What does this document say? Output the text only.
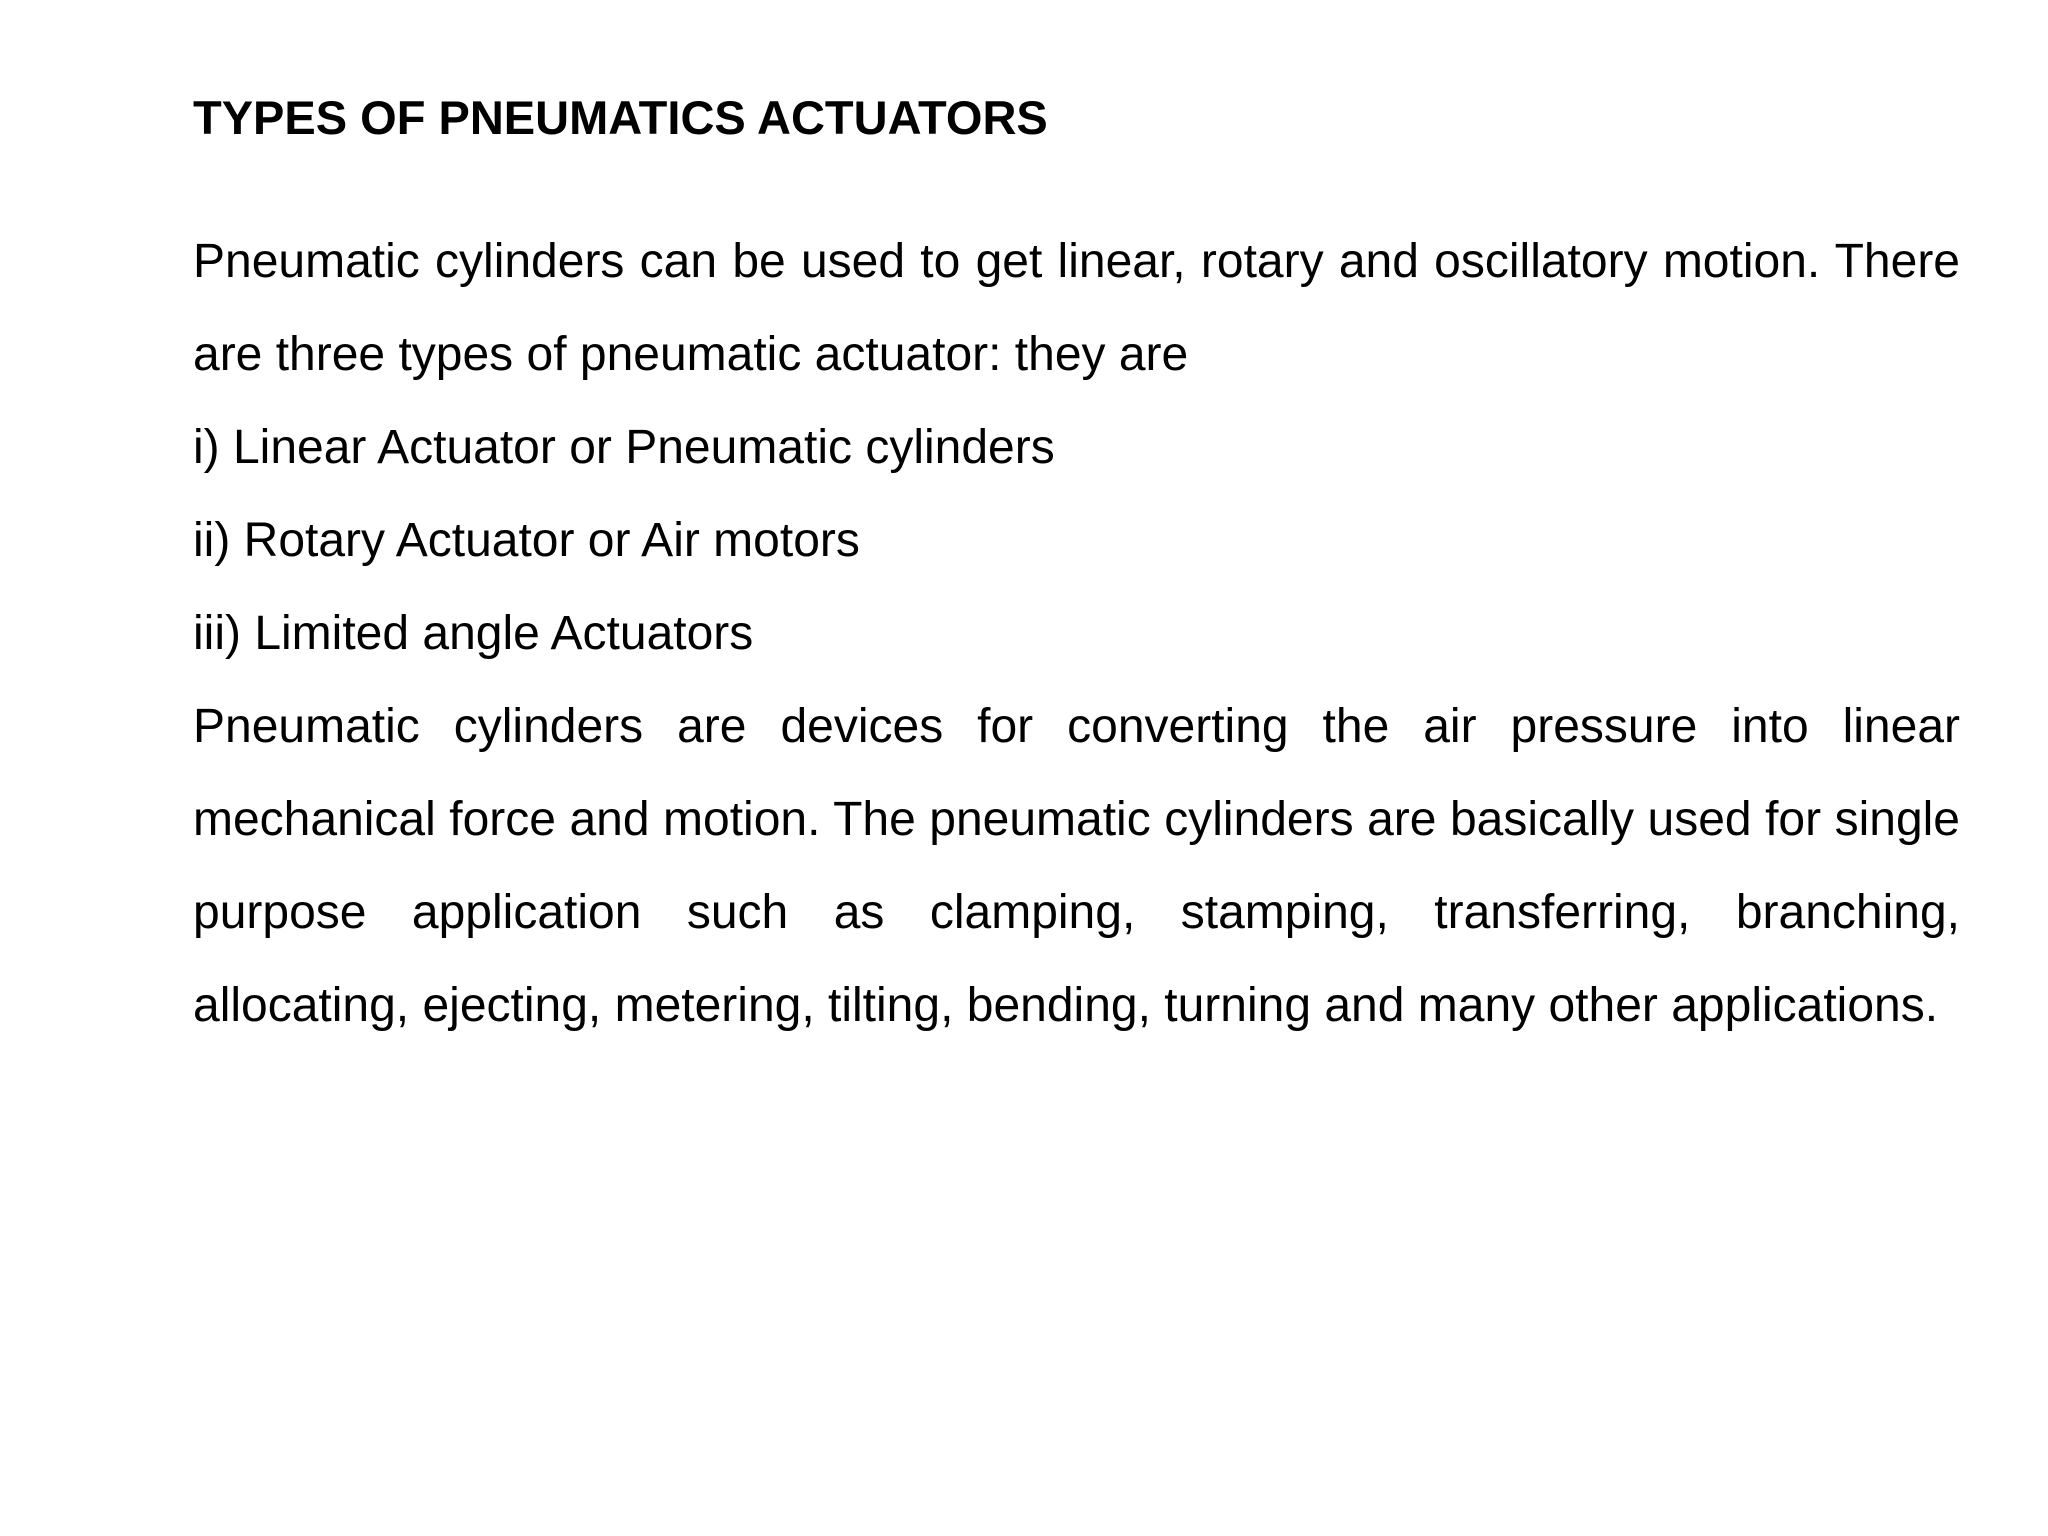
TYPES OF PNEUMATICS ACTUATORS

Pneumatic cylinders can be used to get linear, rotary and oscillatory motion. There are three types of pneumatic actuator: they are

i) Linear Actuator or Pneumatic cylinders

ii) Rotary Actuator or Air motors

iii) Limited angle Actuators

Pneumatic cylinders are devices for converting the air pressure into linear mechanical force and motion. The pneumatic cylinders are basically used for single purpose application such as clamping, stamping, transferring, branching, allocating, ejecting, metering, tilting, bending, turning and many other applications.
